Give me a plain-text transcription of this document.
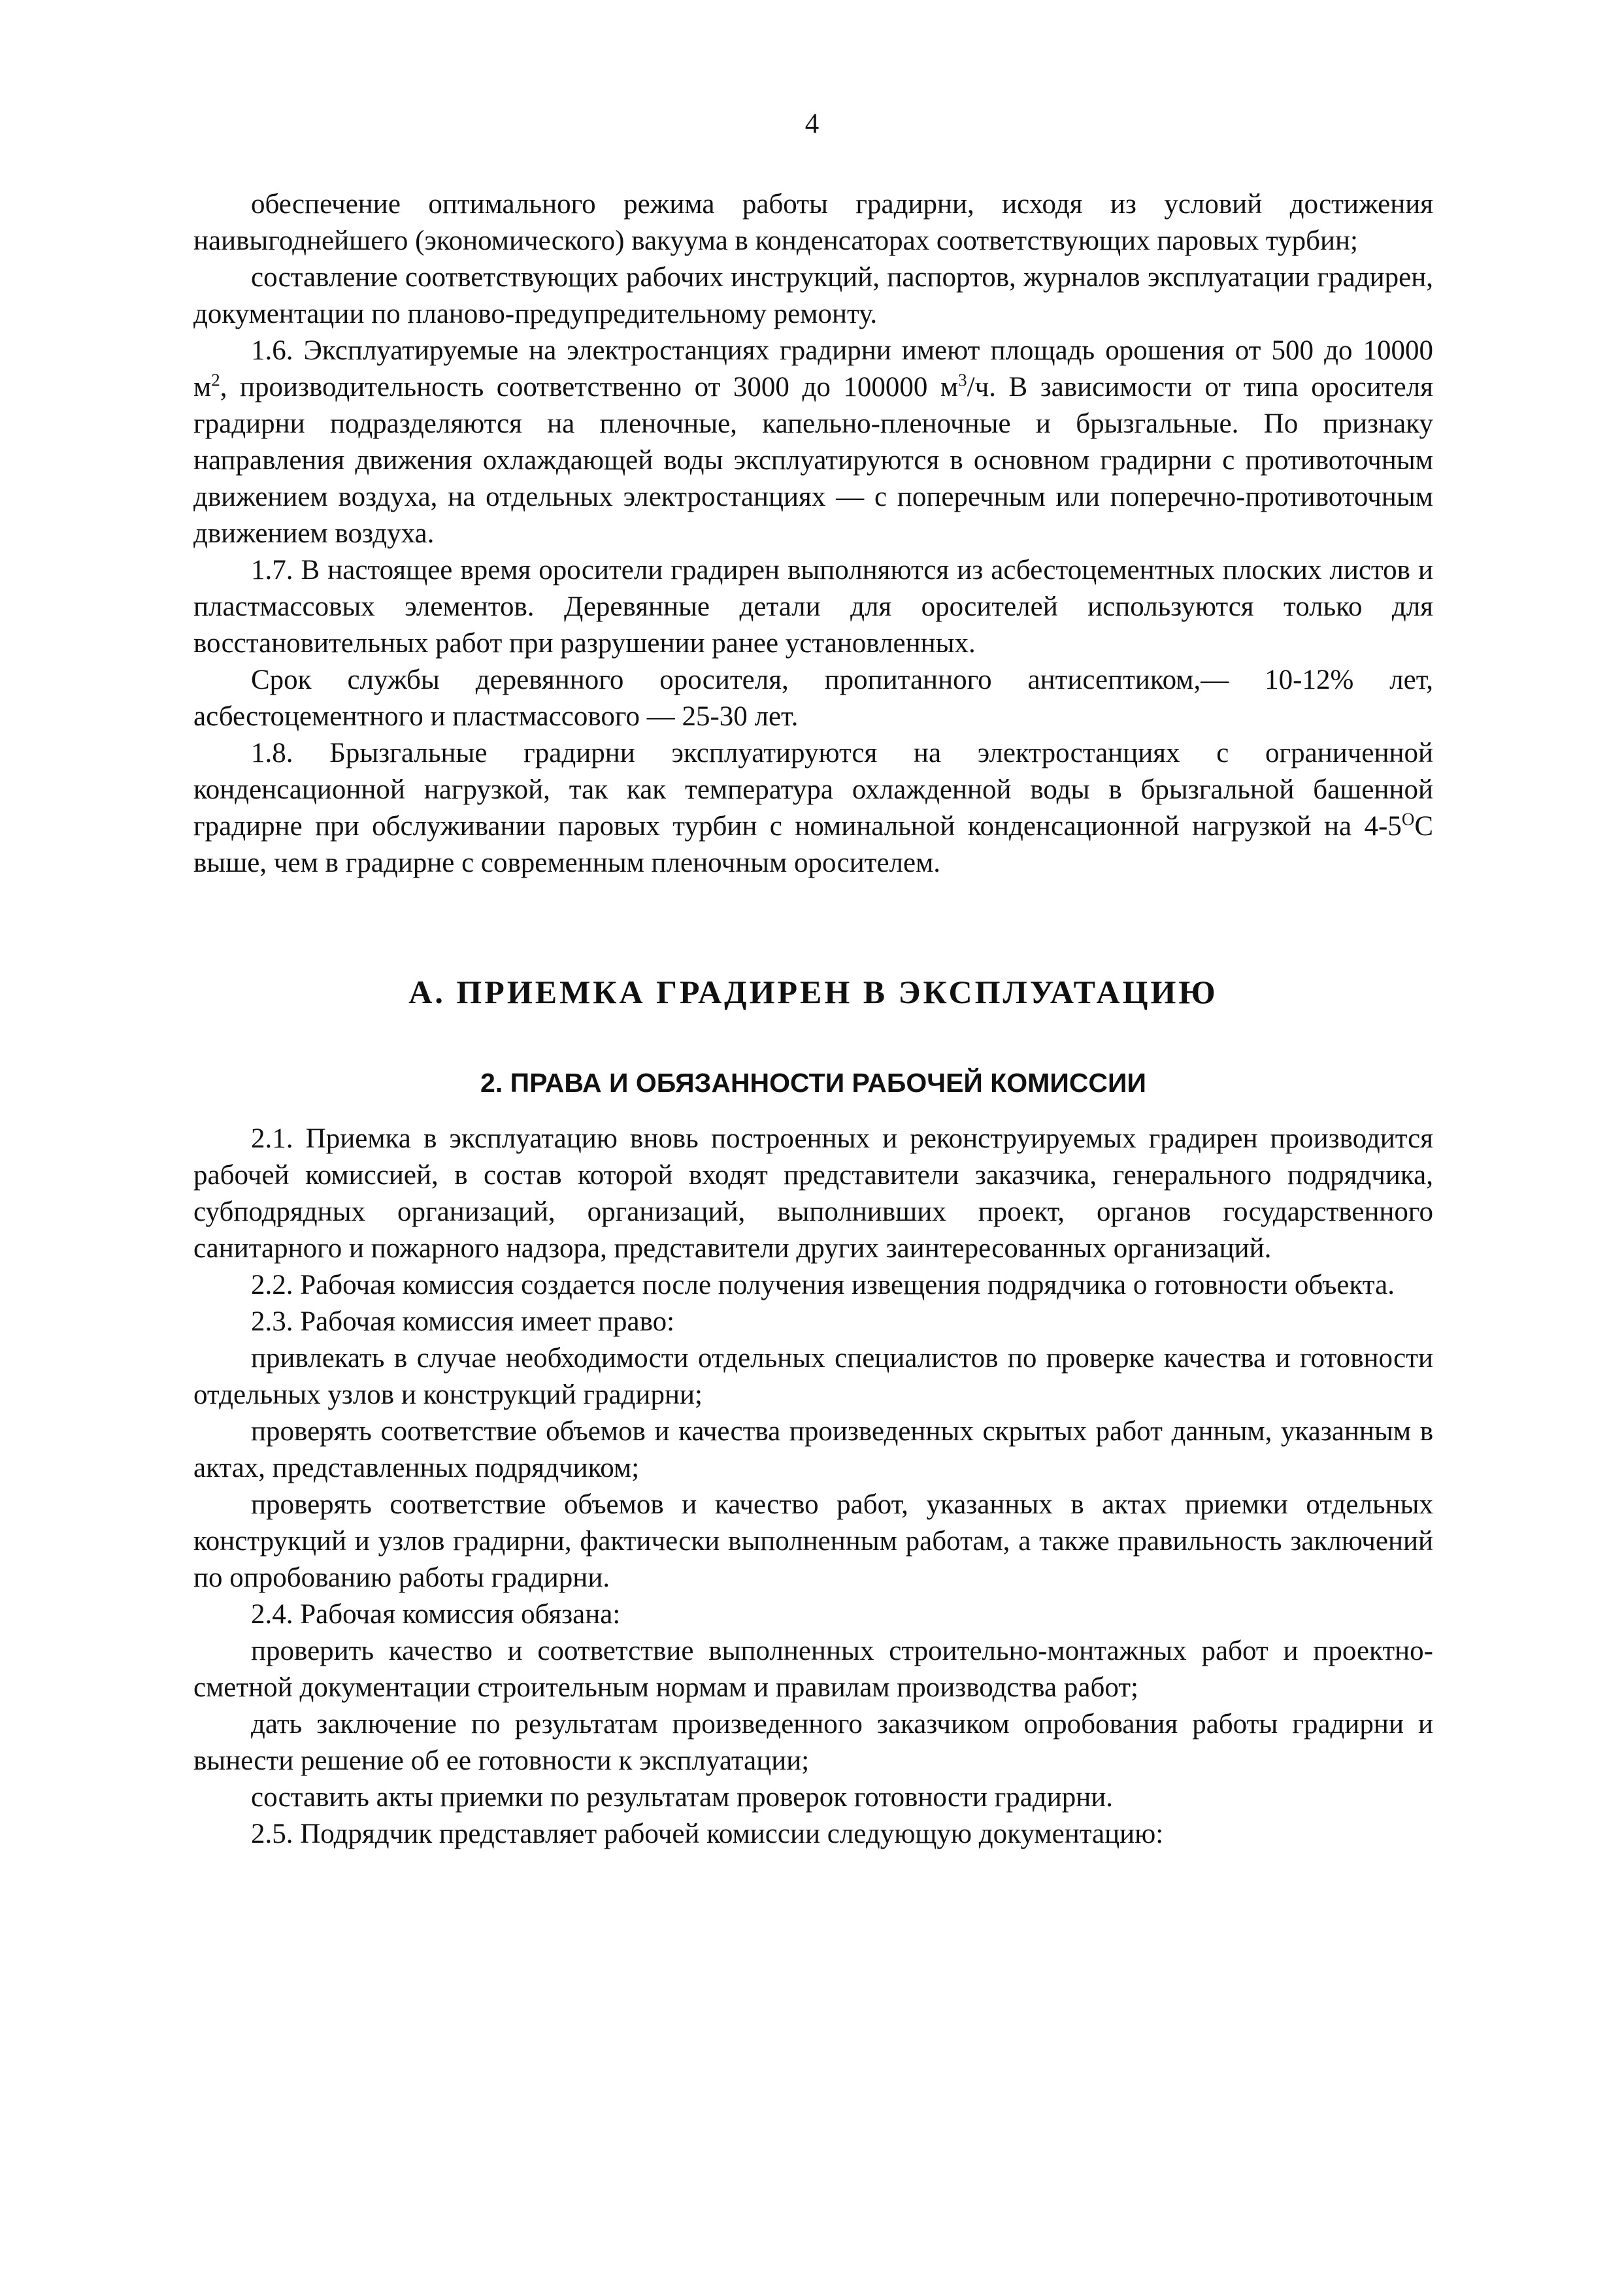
4

обеспечение оптимального режима работы градирни, исходя из условий достижения наивыгоднейшего (экономического) вакуума в конденсаторах соответствующих паровых турбин;

составление соответствующих рабочих инструкций, паспортов, журналов эксплуатации градирен, документации по планово-предупредительному ремонту.

1.6. Эксплуатируемые на электростанциях градирни имеют площадь орошения от 500 до 10000 $м^2$, производительность соответственно от 3000 до 100000 $м^3/ч$. В зависимости от типа оросителя градирни подразделяются на пленочные, капельно-пленочные и брызгальные. По признаку направления движения охлаждающей воды эксплуатируются в основном градирни с противоточным движением воздуха, на отдельных электростанциях — с поперечным или поперечно-противоточным движением воздуха.

1.7. В настоящее время оросители градирен выполняются из асбестоцементных плоских листов и пластмассовых элементов. Деревянные детали для оросителей используются только для восстановительных работ при разрушении ранее установленных.

Срок службы деревянного оросителя, пропитанного антисептиком,— 10-12% лет, асбестоцементного и пластмассового — 25-30 лет.

1.8. Брызгальные градирни эксплуатируются на электростанциях с ограниченной конденсационной нагрузкой, так как температура охлажденной воды в брызгальной башенной градирне при обслуживании паровых турбин с номинальной конденсационной нагрузкой на $4-5^ОС$ выше, чем в градирне с современным пленочным оросителем.

А. ПРИЕМКА ГРАДИРЕН В ЭКСПЛУАТАЦИЮ
2. ПРАВА И ОБЯЗАННОСТИ РАБОЧЕЙ КОМИССИИ

2.1. Приемка в эксплуатацию вновь построенных и реконструируемых градирен производится рабочей комиссией, в состав которой входят представители заказчика, генерального подрядчика, субподрядных организаций, организаций, выполнивших проект, органов государственного санитарного и пожарного надзора, представители других заинтересованных организаций.

2.2. Рабочая комиссия создается после получения извещения подрядчика о готовности объекта.

2.3. Рабочая комиссия имеет право:

привлекать в случае необходимости отдельных специалистов по проверке качества и готовности отдельных узлов и конструкций градирни;

проверять соответствие объемов и качества произведенных скрытых работ данным, указанным в актах, представленных подрядчиком;

проверять соответствие объемов и качество работ, указанных в актах приемки отдельных конструкций и узлов градирни, фактически выполненным работам, а также правильность заключений по опробованию работы градирни.

2.4. Рабочая комиссия обязана:

проверить качество и соответствие выполненных строительно-монтажных работ и проектно-сметной документации строительным нормам и правилам производства работ;

дать заключение по результатам произведенного заказчиком опробования работы градирни и вынести решение об ее готовности к эксплуатации;

составить акты приемки по результатам проверок готовности градирни.

2.5. Подрядчик представляет рабочей комиссии следующую документацию:
